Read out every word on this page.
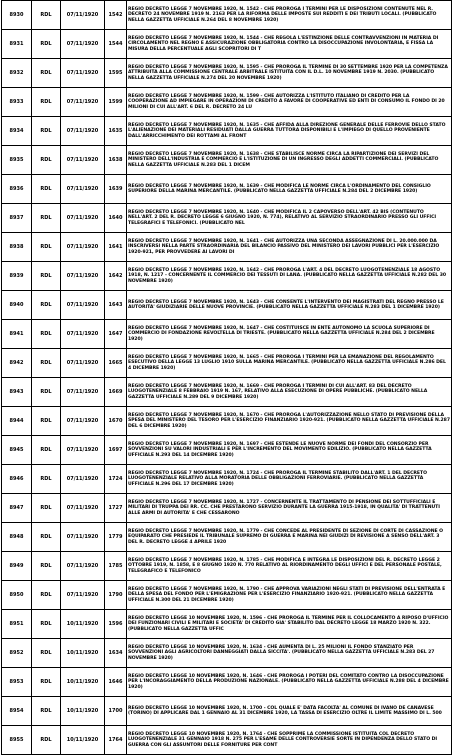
8930	RDL	07/11/1920	1542	REGIO DECRETO LEGGE 7 NOVEMBRE 1920, N. 1542 - CHE PROROGA I TERMINI PER LE DISPOSIZIONI CONTENUTE NEL R. DECRETO 24 NOVEMBRE 1919 N. 2163 PER LA RIFORMA DELLE IMPOSTE SUI REDDITI E DEI TRIBUTI LOCALI. (PUBBLICATO NELLA GAZZETTA UFFICIALE N.264 DEL 8 NOVEMBRE 1920)

8931	RDL	07/11/1920	1544	REGIO DECRETO LEGGE 7 NOVEMBRE 1920, N. 1544 - CHE REGOLA L'ESTINZIONE DELLE CONTRAVVENZIONI IN MATERIA DI CIRCOLAMENTO NEL REGNO E ASSICURAZIONE OBBLIGATORIA CONTRO LA DISOCCUPAZIONE INVOLONTARIA, E FISSA LA MISURA DELLA PERCENTUALE AGLI SCOPRITORI DI T

8932	RDL	07/11/1920	1595	REGIO DECRETO LEGGE 7 NOVEMBRE 1920, N. 1595 - CHE PROROGA IL TERMINE DI 30 SETTEMBRE 1920 PER LA COMPETENZA ATTRIBUITA ALLA COMMISSIONE CENTRALE ARBITRALE ISTITUITA CON IL D.L. 10 NOVEMBRE 1919 N. 2030. (PUBBLICATO NELLA GAZZETTA UFFICIALE N.274 DEL 20 NOVEMBRE 1920)

8933	RDL	07/11/1920	1599	REGIO DECRETO LEGGE 7 NOVEMBRE 1920, N. 1599 - CHE AUTORIZZA L'ISTITUTO ITALIANO DI CREDITO PER LA COOPERAZIONE AD IMPIEGARE IN OPERAZIONI DI CREDITO A FAVORE DI COOPERATIVE ED ENTI DI CONSUMO IL FONDO DI 20 MILIONI DI CUI ALL'ART. 6 DEL R. DECRETO 24 LU

8934	RDL	07/11/1920	1635	REGIO DECRETO LEGGE 7 NOVEMBRE 1920, N. 1635 - CHE AFFIDA ALLA DIREZIONE GENERALE DELLE FERROVIE DELLO STATO L'ALIENAZIONE DEI MATERIALI RESIDUATI DALLA GUERRA TUTTORA DISPONIBILI E L'IMPIEGO DI QUELLO PROVENIENTE DALL'ARRICCHIMENTO DEI ROTTAMI AL FRONT

8935	RDL	07/11/1920	1638	REGIO DECRETO LEGGE 7 NOVEMBRE 1920, N. 1638 - CHE STABILISCE NORME CIRCA LA RIPARTIZIONE DEI SERVIZI DEL MINISTERO DELL'INDUSTRIA E COMMERCIO E L'ISTITUZIONE DI UN INGRESSO DEGLI ADDETTI COMMERCIALI. (PUBBLICATO NELLA GAZZETTA UFFICIALE N.283 DEL 1 DICEM

8936	RDL	07/11/1920	1639	REGIO DECRETO LEGGE 7 NOVEMBRE 1920, N. 1639 - CHE MODIFICA LE NORME CIRCA L'ORDINAMENTO DEL CONSIGLIO SUPERIORE DELLA MARINA MERCANTILE. (PUBBLICATO NELLA GAZZETTA UFFICIALE N.284 DEL 2 DICEMBRE 1920)

8937	RDL	07/11/1920	1640	REGIO DECRETO LEGGE 7 NOVEMBRE 1920, N. 1640 - CHE MODIFICA IL 2 CAPOVERSO DELL'ART. 42 BIS (CONTENUTO NELL'ART. 2 DEL R. DECRETO LEGGE 6 GIUGNO 1920, N. 774), RELATIVO AL SERVIZIO STRAORDINARIO PRESSO GLI UFFICI TELEGRAFICI E TELEFONICI. (PUBBLICATO NEL

8938	RDL	07/11/1920	1641	REGIO DECRETO LEGGE 7 NOVEMBRE 1920, N. 1641 - CHE AUTORIZZA UNA SECONDA ASSEGNAZIONE DI L. 20.000.000 DA INSCRIVERSI NELLA PARTE STRAORDINARIA DEL BILANCIO PASSIVO DEL MINISTERO DEI LAVORI PUBBLICI PER L'ESERCIZIO 1920-921, PER PROVVEDERE AI LAVORI DI

8939	RDL	07/11/1920	1642	REGIO DECRETO LEGGE 7 NOVEMBRE 1920, N. 1642 - CHE PROROGA L'ART. 4 DEL DECRETO LUOGOTENENZIALE 18 AGOSTO 1918, N. 1217 - CONCERNENTE IL COMMERCIO DEI TESSUTI DI LANA. (PUBBLICATO NELLA GAZZETTA UFFICIALE N.282 DEL 30 NOVEMBRE 1920)

8940	RDL	07/11/1920	1643	REGIO DECRETO LEGGE 7 NOVEMBRE 1920, N. 1643 - CHE CONSENTE L'INTERVENTO DEI MAGISTRATI DEL REGNO PRESSO LE AUTORITA' GIUDIZIARIE DELLE NUOVE PROVINCIE. (PUBBLICATO NELLA GAZZETTA UFFICIALE N.283 DEL 1 DICEMBRE 1920)

8941	RDL	07/11/1920	1647	REGIO DECRETO LEGGE 7 NOVEMBRE 1920, N. 1647 - CHE COSTITUISCE IN ENTE AUTONOMO LA SCUOLA SUPERIORE DI COMMERCIO DI FONDAZIONE REVOLTELLA DI TRIESTE. (PUBBLICATO NELLA GAZZETTA UFFICIALE N.284 DEL 2 DICEMBRE 1920)

8942	RDL	07/11/1920	1665	REGIO DECRETO LEGGE 7 NOVEMBRE 1920, N. 1665 - CHE PROROGA I TERMINI PER LA EMANAZIONE DEL REGOLAMENTO ESECUTIVO DELLA LEGGE 13 LUGLIO 1910 SULLA MARINA MERCANTILE. (PUBBLICATO NELLA GAZZETTA UFFICIALE N.286 DEL 4 DICEMBRE 1920)

8943	RDL	07/11/1920	1669	REGIO DECRETO LEGGE 7 NOVEMBRE 1920, N. 1669 - CHE PROROGA I TERMINI DI CUI ALL'ART. 83 DEL DECRETO LUOGOTENENZIALE 8 FEBBRAIO 1919 N. 167, RELATIVO ALLA ESECUZIONE DI OPERE PUBBLICHE. (PUBBLICATO NELLA GAZZETTA UFFICIALE N.289 DEL 9 DICEMBRE 1920)

8944	RDL	07/11/1920	1670	REGIO DECRETO LEGGE 7 NOVEMBRE 1920, N. 1670 - CHE PROROGA L'AUTORIZZAZIONE NELLO STATO DI PREVISIONE DELLA SPESA DEL MINISTERO DEL TESORO PER L'ESERCIZIO FINANZIARIO 1920-921. (PUBBLICATO NELLA GAZZETTA UFFICIALE N.287 DEL 6 DICEMBRE 1920)

8945	RDL	07/11/1920	1697	REGIO DECRETO LEGGE 7 NOVEMBRE 1920, N. 1697 - CHE ESTENDE LE NUOVE NORME DEI FONDI DEL CONSORZIO PER SOVVENZIONI SU VALORI INDUSTRIALI E PER L'INCREMENTO DEL MOVIMENTO EDILIZIO. (PUBBLICATO NELLA GAZZETTA UFFICIALE N.293 DEL 14 DICEMBRE 1920)

8946	RDL	07/11/1920	1724	REGIO DECRETO LEGGE 7 NOVEMBRE 1920, N. 1724 - CHE PROROGA IL TERMINE STABILITO DALL'ART. 1 DEL DECRETO LUOGOTENENZIALE RELATIVO ALLA MORATORIA DELLE OBBLIGAZIONI FERROVIARIE. (PUBBLICATO NELLA GAZZETTA UFFICIALE N.296 DEL 17 DICEMBRE 1920)

8947	RDL	07/11/1920	1727	REGIO DECRETO LEGGE 7 NOVEMBRE 1920, N. 1727 - CONCERNENTE IL TRATTAMENTO DI PENSIONE DEI SOTTUFFICIALI E MILITARI DI TRUPPA DEI RR. CC. CHE PRESTARONO SERVIZIO DURANTE LA GUERRA 1915-1918, IN QUALITA' DI TRATTENUTI ALLE ARMI DI AUTORITA' E CHE CESSARONO

8948	RDL	07/11/1920	1779	REGIO DECRETO LEGGE 7 NOVEMBRE 1920, N. 1779 - CHE CONCEDE AL PRESIDENTE DI SEZIONE DI CORTE DI CASSAZIONE O EQUIPARATO CHE PRESIEDE IL TRIBUNALE SUPREMO DI GUERRA E MARINA NEI GIUDIZI DI REVISIONE A SENSO DELL'ART. 3 DEL R. DECRETO LEGGE 4 APRILE 1920

8949	RDL	07/11/1920	1785	REGIO DECRETO LEGGE 7 NOVEMBRE 1920, N. 1785 - CHE MODIFICA E INTEGRA LE DISPOSIZIONI DEL R. DECRETO LEGGE 2 OTTOBRE 1919, N. 1858, E 8 GIUGNO 1920 N. 770 RELATIVO AL RIORDINAMENTO DEGLI UFFICI E DEL PERSONALE POSTALE, TELEGRAFICO E TELEFONICO

8950	RDL	07/11/1920	1790	REGIO DECRETO LEGGE 7 NOVEMBRE 1920, N. 1790 - CHE APPROVA VARIAZIONI NEGLI STATI DI PREVISIONE DELL'ENTRATA E DELLA SPESA DEL FONDO PER L'EMIGRAZIONE PER L'ESERCIZIO FINANZIARIO 1920-921. (PUBBLICATO NELLA GAZZETTA UFFICIALE N.300 DEL 21 DICEMBRE 1920)

8951	RDL	10/11/1920	1596	REGIO DECRETO LEGGE 10 NOVEMBRE 1920, N. 1596 - CHE PROROGA IL TERMINE PER IL COLLOCAMENTO A RIPOSO D'UFFICIO DEI FUNZIONARI CIVILI E MILITARI E SOCIETA' DI CREDITO GIA' STABILITO DAL DECRETO LEGGE 18 MARZO 1920 N. 322. (PUBBLICATO NELLA GAZZETTA UFFIC

8952	RDL	10/11/1920	1634	REGIO DECRETO LEGGE 10 NOVEMBRE 1920, N. 1634 - CHE AUMENTA DI L. 25 MILIONI IL FONDO STANZIATO PER SOVVENZIONI AGLI AGRICOLTORI DANNEGGIATI DALLA SICCITA'. (PUBBLICATO NELLA GAZZETTA UFFICIALE N.283 DEL 27 NOVEMBRE 1920)

8953	RDL	10/11/1920	1646	REGIO DECRETO LEGGE 10 NOVEMBRE 1920, N. 1646 - CHE PROROGA I POTERI DEL COMITATO CONTRO LA DISOCCUPAZIONE PER L'INCORAGGIAMENTO DELLA PRODUZIONE NAZIONALE. (PUBBLICATO NELLA GAZZETTA UFFICIALE N.288 DEL 4 DICEMBRE 1920)

8954	RDL	10/11/1920	1700	REGIO DECRETO LEGGE 10 NOVEMBRE 1920, N. 1700 - COL QUALE E' DATA FACOLTA' AL COMUNE DI IVANO DE CANAVESE (TORINO) DI APPLICARE DAL 1 GENNAIO AL 31 DICEMBRE 1920, LA TASSA DI ESERCIZIO OLTRE IL LIMITE MASSIMO DI L. 500

8955	RDL	10/11/1920	1764	REGIO DECRETO LEGGE 10 NOVEMBRE 1920, N. 1764 - CHE SOPPRIME LA COMMISSIONE ISTITUITA COL DECRETO LUOGOTENENZIALE 31 GENNAIO 1918 N. 275 PER L'ESAME DELLE CONTROVERSIE SORTE IN DIPENDENZA DELLO STATO DI GUERRA CON GLI ASSUNTORI DELLE FORNITURE PER CONT
